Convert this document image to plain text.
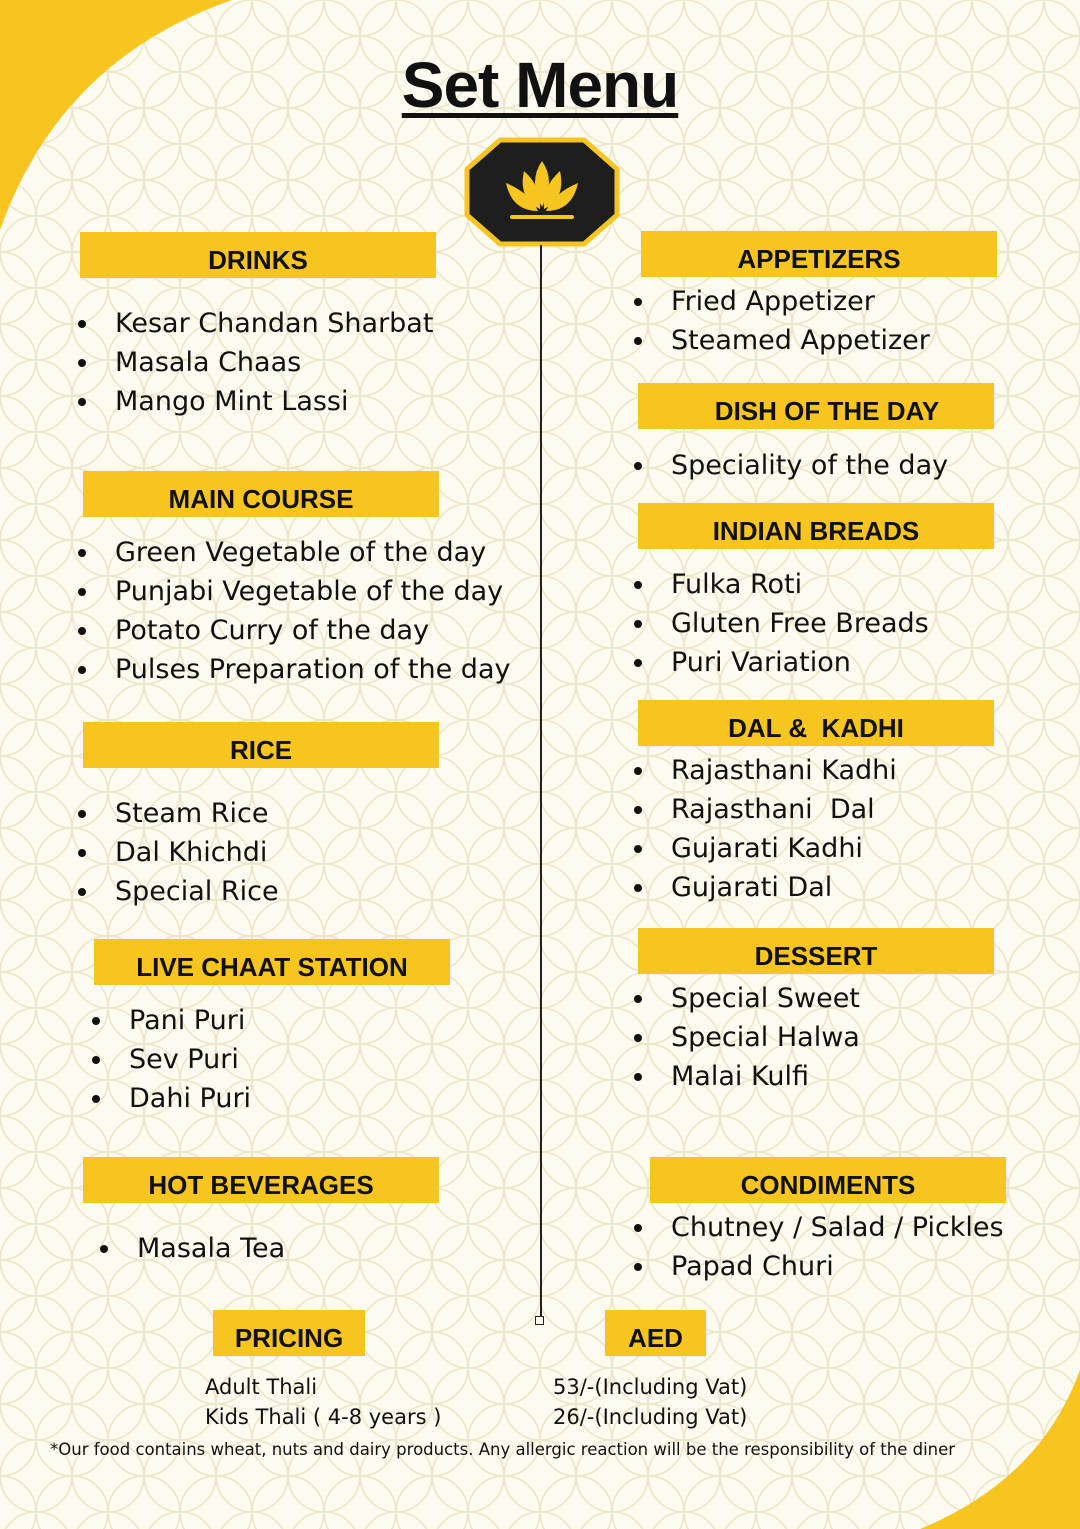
Set Menu
DRINKS
Kesar Chandan Sharbat
Masala Chaas
Mango Mint Lassi
MAIN COURSE
Green Vegetable of the day
Punjabi Vegetable of the day
Potato Curry of the day
Pulses Preparation of the day
RICE
Steam Rice
Dal Khichdi
Special Rice
LIVE CHAAT STATION
Pani Puri
Sev Puri
Dahi Puri
HOT BEVERAGES
Masala Tea
APPETIZERS
Fried Appetizer
Steamed Appetizer
DISH OF THE DAY
Speciality of the day
INDIAN BREADS
Fulka Roti
Gluten Free Breads
Puri Variation
DAL &  KADHI
Rajasthani Kadhi
Rajasthani  Dal
Gujarati Kadhi
Gujarati Dal
DESSERT
Special Sweet
Special Halwa
Malai Kulfi
CONDIMENTS
Chutney / Salad / Pickles
Papad Churi
PRICING	AED
Adult Thali	53/-(Including Vat)
Kids Thali ( 4-8 years )	26/-(Including Vat)
*Our food contains wheat, nuts and dairy products. Any allergic reaction will be the responsibility of the diner
